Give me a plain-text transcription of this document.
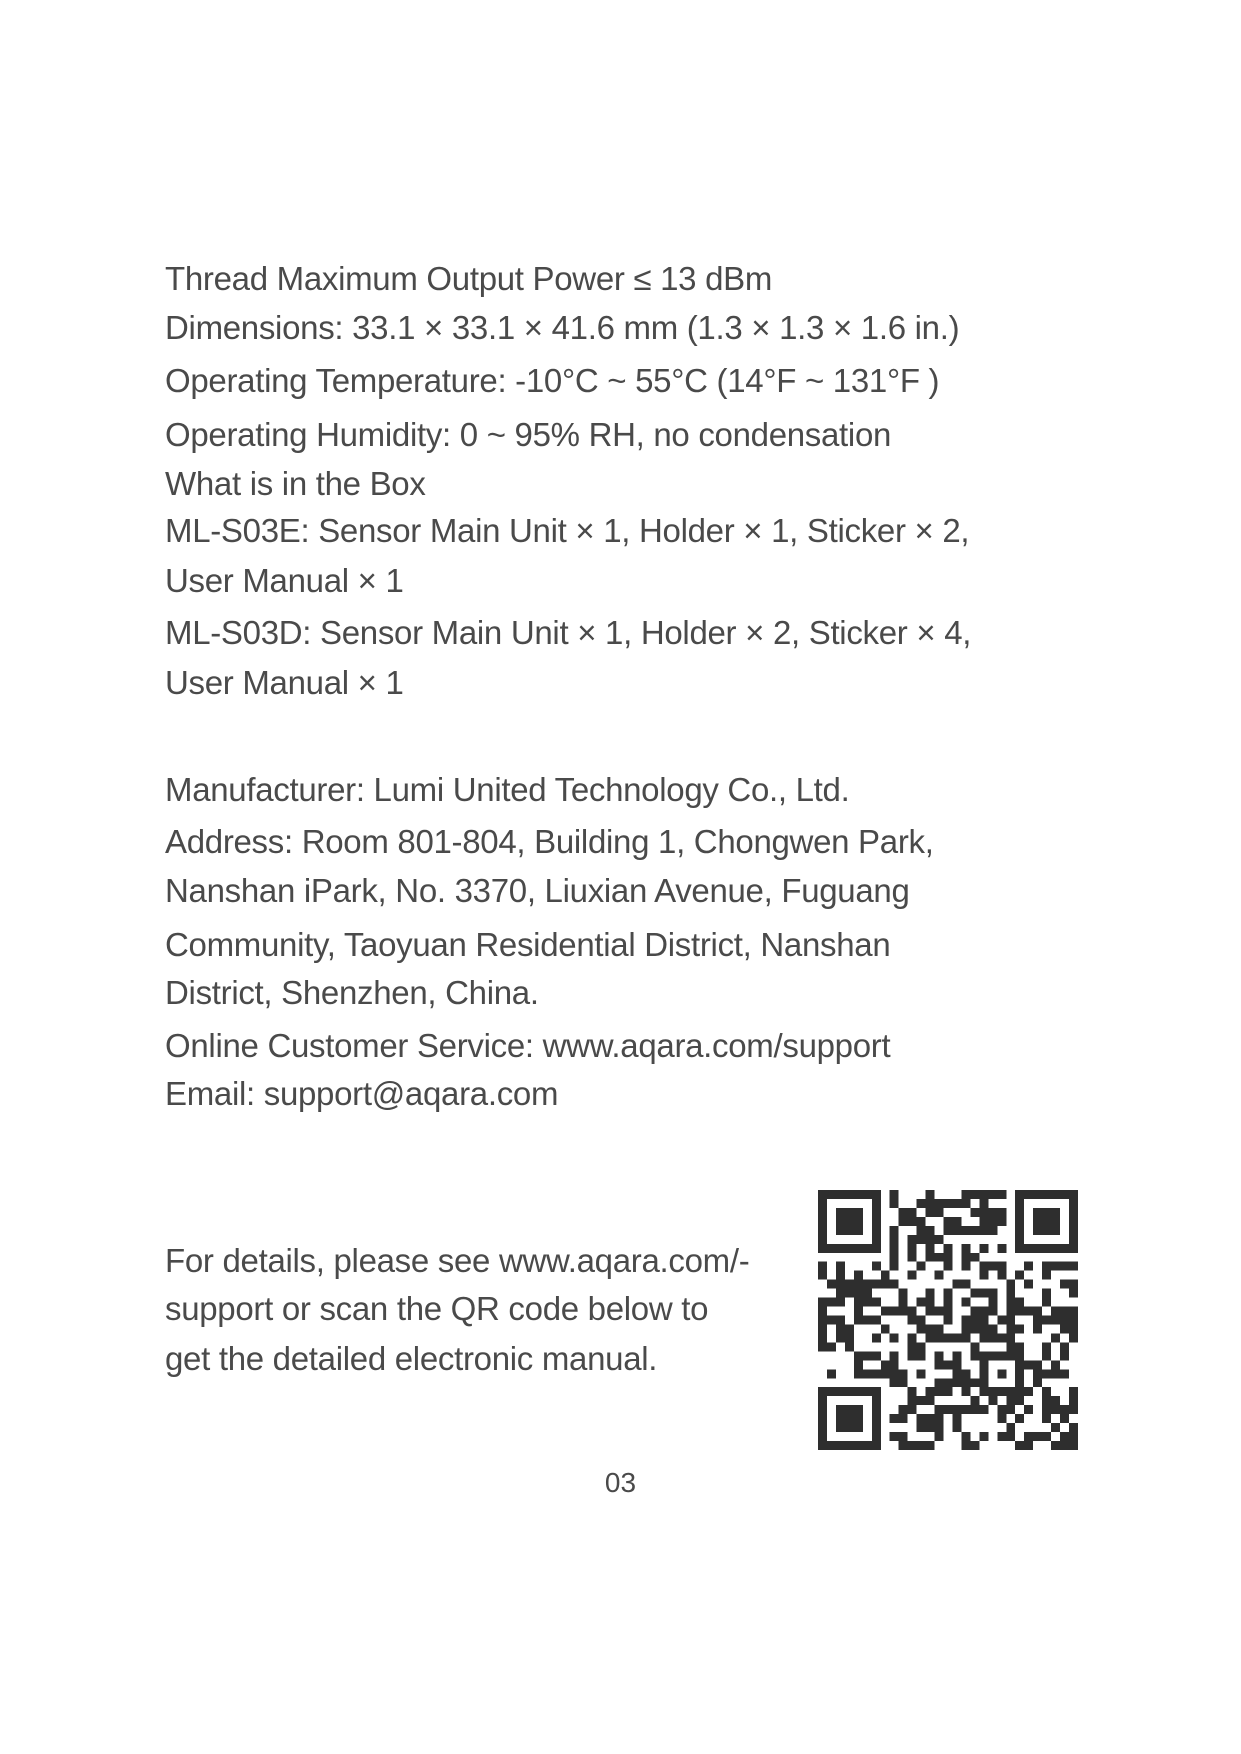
Thread Maximum Output Power ≤ 13 dBm
Dimensions: 33.1 × 33.1 × 41.6 mm (1.3 × 1.3 × 1.6 in.)
Operating Temperature: -10°C ~ 55°C (14°F ~ 131°F )
Operating Humidity: 0 ~ 95% RH, no condensation
What is in the Box
ML-S03E: Sensor Main Unit × 1, Holder × 1, Sticker × 2,
User Manual × 1
ML-S03D: Sensor Main Unit × 1, Holder × 2, Sticker × 4,
User Manual × 1
Manufacturer: Lumi United Technology Co., Ltd.
Address: Room 801-804, Building 1, Chongwen Park,
Nanshan iPark, No. 3370, Liuxian Avenue, Fuguang
Community, Taoyuan Residential District, Nanshan
District, Shenzhen, China.
Online Customer Service: www.aqara.com/support
Email: support@aqara.com
For details, please see www.aqara.com/-
support or scan the QR code below to
get the detailed electronic manual.
03
